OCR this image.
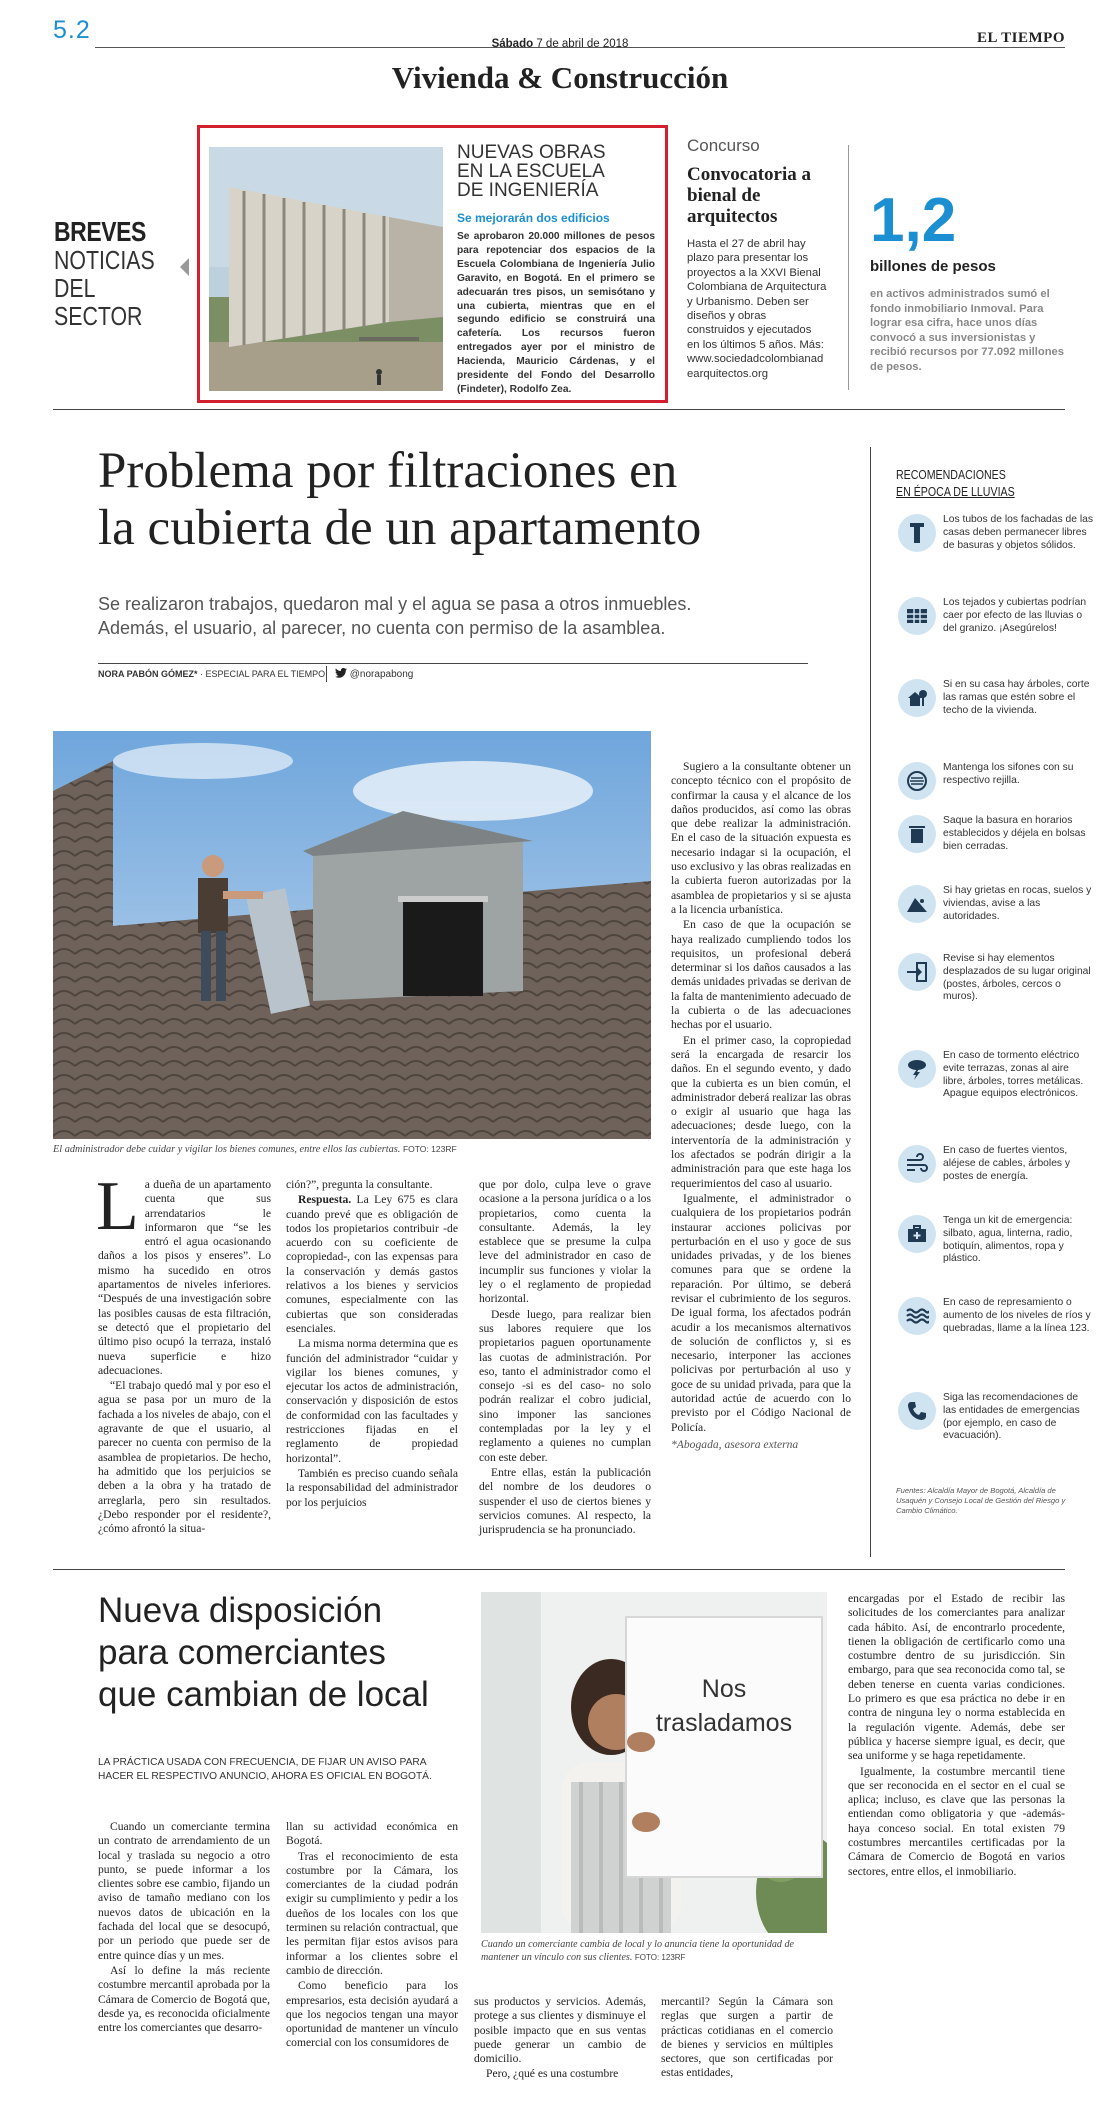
5.2	Sábado 7 de abril de 2018	EL TIEMPO
Vivienda & Construcción
BREVES
NOTICIAS
DEL SECTOR
NUEVAS OBRAS
EN LA ESCUELA
DE INGENIERÍA
Se mejorarán dos edificios
Se aprobaron 20.000 millones de pesos para repotenciar dos espacios de la Escuela Colombiana de Ingeniería Julio Garavito, en Bogotá. En el primero se adecuarán tres pisos, un semisótano y una cubierta, mientras que en el segundo edificio se construirá una cafetería. Los recursos fueron entregados ayer por el ministro de Hacienda, Mauricio Cárdenas, y el presidente del Fondo del Desarrollo (Findeter), Rodolfo Zea.
Concurso
Convocatoria a bienal de arquitectos
Hasta el 27 de abril hay plazo para presentar los proyectos a la XXVI Bienal Colombiana de Arquitectura y Urbanismo. Deben ser diseños y obras construidos y ejecutados en los últimos 5 años. Más: www.sociedadcolombianadearquitectos.org
1,2
billones de pesos
en activos administrados sumó el fondo inmobiliario Inmoval. Para lograr esa cifra, hace unos días convocó a sus inversionistas y recibió recursos por 77.092 millones de pesos.
Problema por filtraciones en
la cubierta de un apartamento
Se realizaron trabajos, quedaron mal y el agua se pasa a otros inmuebles.
Además, el usuario, al parecer, no cuenta con permiso de la asamblea.
NORA PABÓN GÓMEZ* · ESPECIAL PARA EL TIEMPO	@norapabong
El administrador debe cuidar y vigilar los bienes comunes, entre ellos las cubiertas. FOTO: 123RF
L a dueña de un apartamento cuenta que sus arrendatarios le informaron que “se les entró el agua ocasionando daños a los pisos y enseres”. Lo mismo ha sucedido en otros apartamentos de niveles inferiores. “Después de una investigación sobre las posibles causas de esta filtración, se detectó que el propietario del último piso ocupó la terraza, instaló nueva superficie e hizo adecuaciones.

“El trabajo quedó mal y por eso el agua se pasa por un muro de la fachada a los niveles de abajo, con el agravante de que el usuario, al parecer no cuenta con permiso de la asamblea de propietarios. De hecho, ha admitido que los perjuicios se deben a la obra y ha tratado de arreglarla, pero sin resultados. ¿Debo responder por el residente?, ¿cómo afrontó la situa-

ción?”, pregunta la consultante.

Respuesta. La Ley 675 es clara cuando prevé que es obligación de todos los propietarios contribuir -de acuerdo con su coeficiente de copropiedad-, con las expensas para la conservación y demás gastos relativos a los bienes y servicios comunes, especialmente con las cubiertas que son consideradas esenciales.

La misma norma determina que es función del administrador “cuidar y vigilar los bienes comunes, y ejecutar los actos de administración, conservación y disposición de estos de conformidad con las facultades y restricciones fijadas en el reglamento de propiedad horizontal”.

También es preciso cuando señala la responsabilidad del administrador por los perjuicios

que por dolo, culpa leve o grave ocasione a la persona jurídica o a los propietarios, como cuenta la consultante. Además, la ley establece que se presume la culpa leve del administrador en caso de incumplir sus funciones y violar la ley o el reglamento de propiedad horizontal.

Desde luego, para realizar bien sus labores requiere que los propietarios paguen oportunamente las cuotas de administración. Por eso, tanto el administrador como el consejo -si es del caso- no solo podrán realizar el cobro judicial, sino imponer las sanciones contempladas por la ley y el reglamento a quienes no cumplan con este deber.

Entre ellas, están la publicación del nombre de los deudores o suspender el uso de ciertos bienes y servicios comunes. Al respecto, la jurisprudencia se ha pronunciado.

Sugiero a la consultante obtener un concepto técnico con el propósito de confirmar la causa y el alcance de los daños producidos, así como las obras que debe realizar la administración. En el caso de la situación expuesta es necesario indagar si la ocupación, el uso exclusivo y las obras realizadas en la cubierta fueron autorizadas por la asamblea de propietarios y si se ajusta a la licencia urbanística.

En caso de que la ocupación se haya realizado cumpliendo todos los requisitos, un profesional deberá determinar si los daños causados a las demás unidades privadas se derivan de la falta de mantenimiento adecuado de la cubierta o de las adecuaciones hechas por el usuario.

En el primer caso, la copropiedad será la encargada de resarcir los daños. En el segundo evento, y dado que la cubierta es un bien común, el administrador deberá realizar las obras o exigir al usuario que haga las adecuaciones; desde luego, con la interventoría de la administración y los afectados se podrán dirigir a la administración para que este haga los requerimientos del caso al usuario.

Igualmente, el administrador o cualquiera de los propietarios podrán instaurar acciones policivas por perturbación en el uso y goce de sus unidades privadas, y de los bienes comunes para que se ordene la reparación. Por último, se deberá revisar el cubrimiento de los seguros. De igual forma, los afectados podrán acudir a los mecanismos alternativos de solución de conflictos y, si es necesario, interponer las acciones policivas por perturbación al uso y goce de su unidad privada, para que la autoridad actúe de acuerdo con lo previsto por el Código Nacional de Policía.

*Abogada, asesora externa

RECOMENDACIONES
EN ÉPOCA DE LLUVIAS
Los tubos de los fachadas de las casas deben permanecer libres de basuras y objetos sólidos.
Los tejados y cubiertas podrían caer por efecto de las lluvias o del granizo. ¡Asegúrelos!
Si en su casa hay árboles, corte las ramas que estén sobre el techo de la vivienda.
Mantenga los sifones con su respectivo rejilla.
Saque la basura en horarios establecidos y déjela en bolsas bien cerradas.
Si hay grietas en rocas, suelos y viviendas, avise a las autoridades.
Revise si hay elementos desplazados de su lugar original (postes, árboles, cercos o muros).
En caso de tormento eléctrico evite terrazas, zonas al aire libre, árboles, torres metálicas. Apague equipos electrónicos.
En caso de fuertes vientos, aléjese de cables, árboles y postes de energía.
Tenga un kit de emergencia: silbato, agua, linterna, radio, botiquín, alimentos, ropa y plástico.
En caso de represamiento o aumento de los niveles de ríos y quebradas, llame a la línea 123.
Siga las recomendaciones de las entidades de emergencias (por ejemplo, en caso de evacuación).
Fuentes: Alcaldía Mayor de Bogotá, Alcaldía de Usaquén y Consejo Local de Gestión del Riesgo y Cambio Climático.
Nueva disposición
para comerciantes
que cambian de local
LA PRÁCTICA USADA CON FRECUENCIA, DE FIJAR UN AVISO PARA
HACER EL RESPECTIVO ANUNCIO, AHORA ES OFICIAL EN BOGOTÁ.
Nos
trasladamos
Cuando un comerciante cambia de local y lo anuncia tiene la oportunidad de mantener un vínculo con sus clientes. FOTO: 123RF

Cuando un comerciante termina un contrato de arrendamiento de un local y traslada su negocio a otro punto, se puede informar a los clientes sobre ese cambio, fijando un aviso de tamaño mediano con los nuevos datos de ubicación en la fachada del local que se desocupó, por un periodo que puede ser de entre quince días y un mes.

Así lo define la más reciente costumbre mercantil aprobada por la Cámara de Comercio de Bogotá que, desde ya, es reconocida oficialmente entre los comerciantes que desarro-

llan su actividad económica en Bogotá.

Tras el reconocimiento de esta costumbre por la Cámara, los comerciantes de la ciudad podrán exigir su cumplimiento y pedir a los dueños de los locales con los que terminen su relación contractual, que les permitan fijar estos avisos para informar a los clientes sobre el cambio de dirección.

Como beneficio para los empresarios, esta decisión ayudará a que los negocios tengan una mayor oportunidad de mantener un vínculo comercial con los consumidores de

sus productos y servicios. Además, protege a sus clientes y disminuye el posible impacto que en sus ventas puede generar un cambio de domicilio.

Pero, ¿qué es una costumbre

mercantil? Según la Cámara son reglas que surgen a partir de prácticas cotidianas en el comercio de bienes y servicios en múltiples sectores, que son certificadas por estas entidades,

encargadas por el Estado de recibir las solicitudes de los comerciantes para analizar cada hábito. Así, de encontrarlo procedente, tienen la obligación de certificarlo como una costumbre dentro de su jurisdicción. Sin embargo, para que sea reconocida como tal, se deben tenerse en cuenta varias condiciones. Lo primero es que esa práctica no debe ir en contra de ninguna ley o norma establecida en la regulación vigente. Además, debe ser pública y hacerse siempre igual, es decir, que sea uniforme y se haga repetidamente.

Igualmente, la costumbre mercantil tiene que ser reconocida en el sector en el cual se aplica; incluso, es clave que las personas la entiendan como obligatoria y que -además- haya conceso social. En total existen 79 costumbres mercantiles certificadas por la Cámara de Comercio de Bogotá en varios sectores, entre ellos, el inmobiliario.
